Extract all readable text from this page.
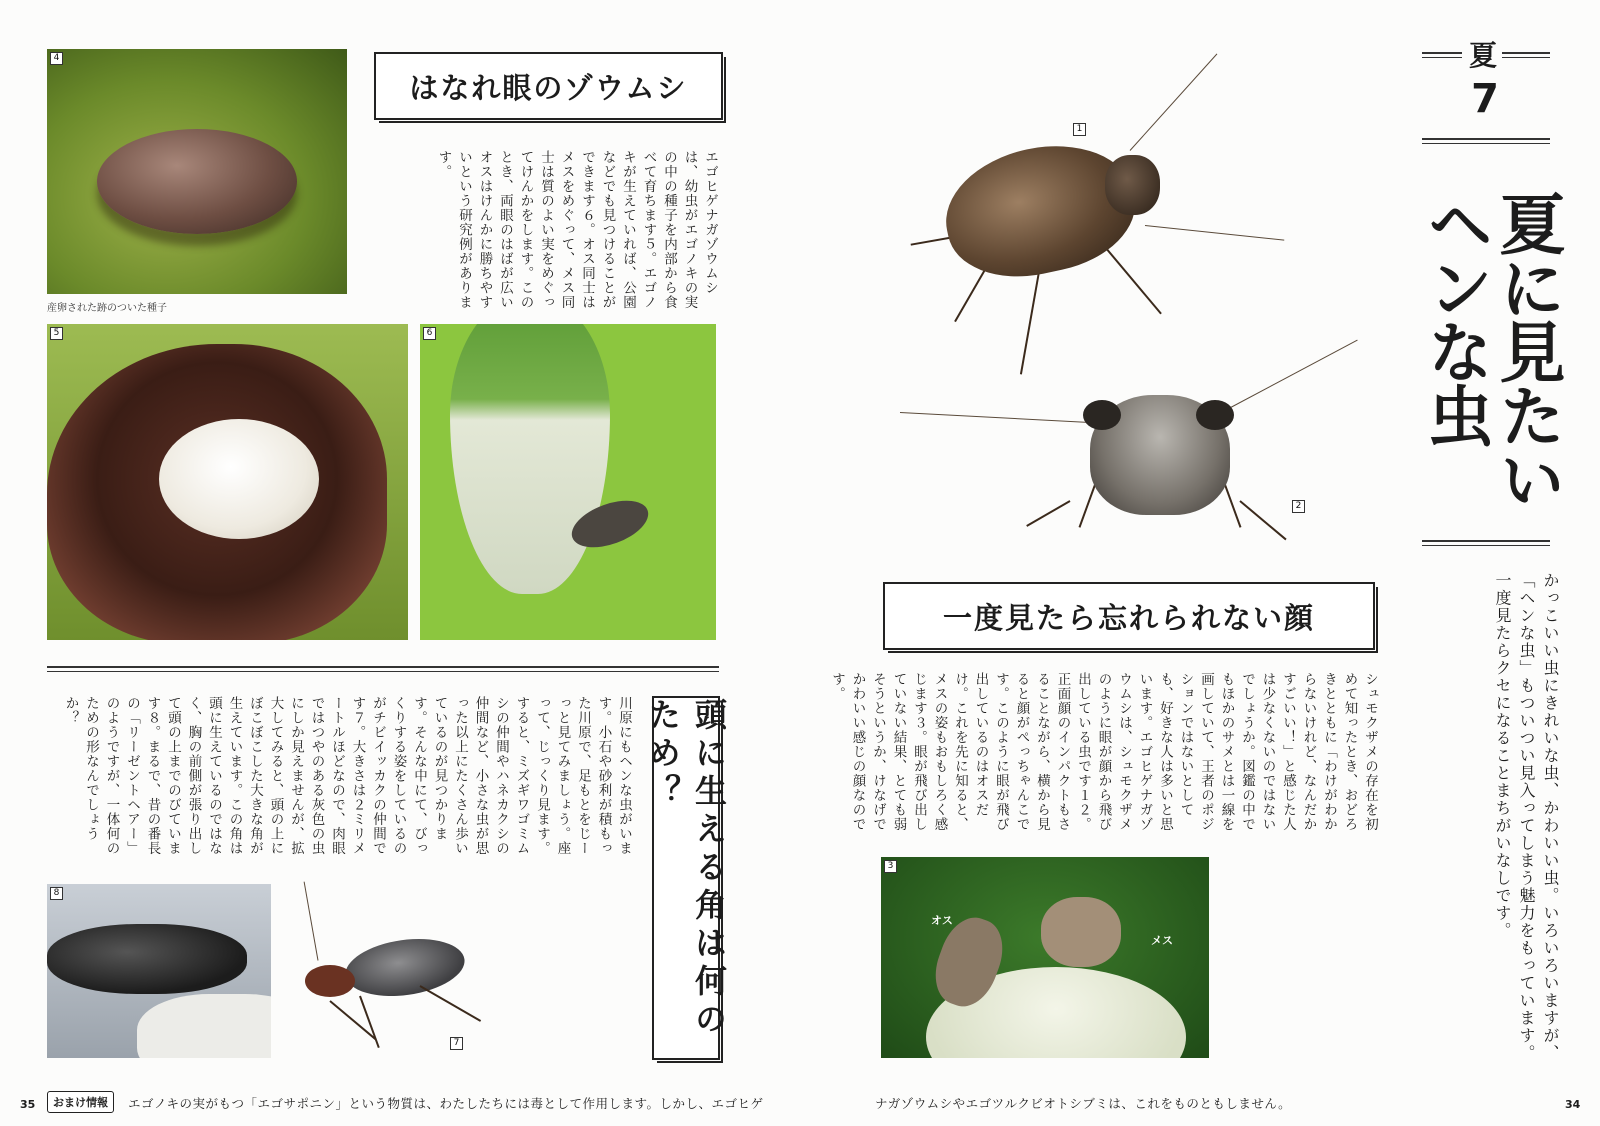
4
産卵された跡のついた種子
はなれ眼のゾウムシ

エゴヒゲナガゾウムシは、幼虫がエゴノキの実の中の種子を内部から食べて育ちます５。エゴノキが生えていれば、公園などでも見つけることができます６。オス同士はメスをめぐって、メス同士は質のよい実をめぐってけんかをします。このとき、両眼のはばが広いオスはけんかに勝ちやすいという研究例があります。

5	6
頭に生える角は何のため？

川原にもヘンな虫がいます。小石や砂利が積もった川原で、足もとをじーっと見てみましょう。座って、じっくり見ます。すると、ミズギワゴミムシの仲間やハネカクシの仲間など、小さな虫が思った以上にたくさん歩いているのが見つかります。そんな中にて、びっくりする姿をしているのがチビイッカクの仲間です７。大きさは２ミリメートルほどなので、肉眼ではつやのある灰色の虫にしか見えませんが、拡大してみると、頭の上にぼこぼこした大きな角が生えています。この角は頭に生えているのではなく、胸の前側が張り出して頭の上までのびています８。まるで、昔の番長の「リーゼントヘアー」のようですが、一体何のための形なんでしょうか？

8
7
35	おまけ情報	エゴノキの実がもつ「エゴサポニン」という物質は、わたしたちには毒として作用します。しかし、エゴヒゲ
1
2
一度見たら忘れられない顔

シュモクザメの存在を初めて知ったとき、おどろきとともに「わけがわからないけれど、なんだかすごいい！」と感じた人は少なくないのではないでしょうか。図鑑の中でもほかのサメとは一線を画していて、王者のポジションではないとしても、好きな人は多いと思います。エゴヒゲナガゾウムシは、シュモクザメのように眼が顔から飛び出している虫です１２。正面顔のインパクトもさることながら、横から見ると顔がぺっちゃんこです。このように眼が飛び出しているのはオスだけ。これを先に知ると、メスの姿もおもしろく感じます３。眼が飛び出していない結果、とても弱そうというか、けなげでかわいい感じの顔なのです。

オス
メス
3
夏
7
夏に見たいヘンな虫

かっこいい虫にきれいな虫、かわいい虫。いろいろいますが、「ヘンな虫」もついつい見入ってしまう魅力をもっています。一度見たらクセになることまちがいなしです。

ナガゾウムシやエゴツルクビオトシブミは、これをものともしません。	34
